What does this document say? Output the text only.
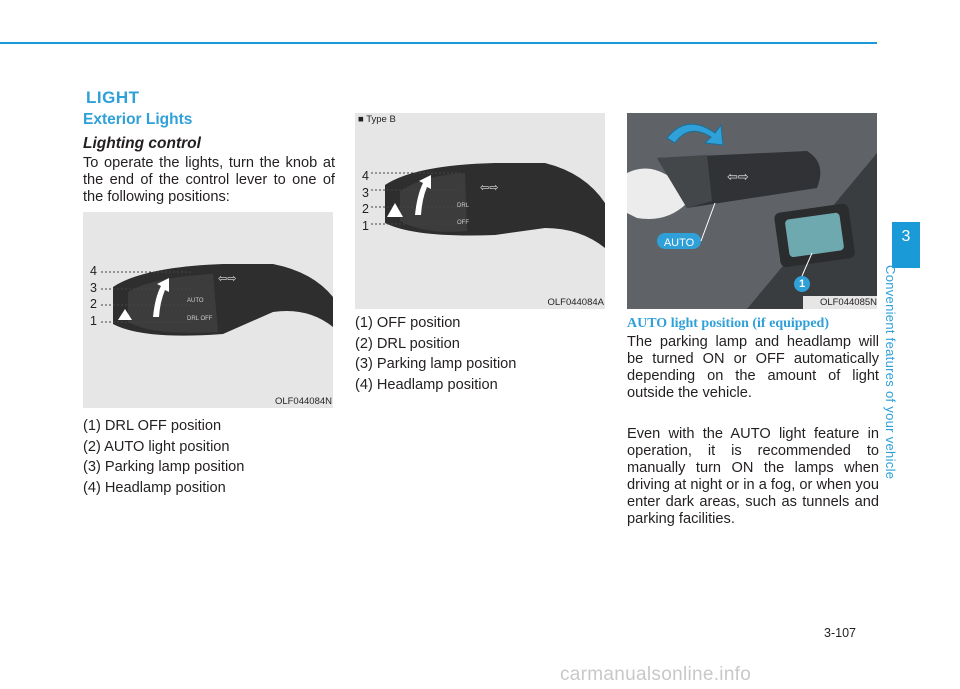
LIGHT
Exterior Lights
Lighting control
To operate the lights, turn the knob at the end of the control lever to one of the following positions:
AUTO
DRL OFF
⇦⇨
4
3
2
1
OLF044084N
(1) DRL OFF position
(2) AUTO light position
(3) Parking lamp position
(4) Headlamp position
DRL
OFF
⇦⇨
■ Type B
4
3
2
1
OLF044084A
(1) OFF position
(2) DRL position
(3) Parking lamp position
(4) Headlamp position
⇦⇨
AUTO
1
OLF044085N
AUTO light position (if equipped)
The parking lamp and headlamp will be turned ON or OFF automatically depending on the amount of light outside the vehicle.
Even with the AUTO light feature in operation, it is recommended to manually turn ON the lamps when driving at night or in a fog, or when you enter dark areas, such as tunnels and parking facilities.
3
Convenient features of your vehicle
3-107
carmanualsonline.info
